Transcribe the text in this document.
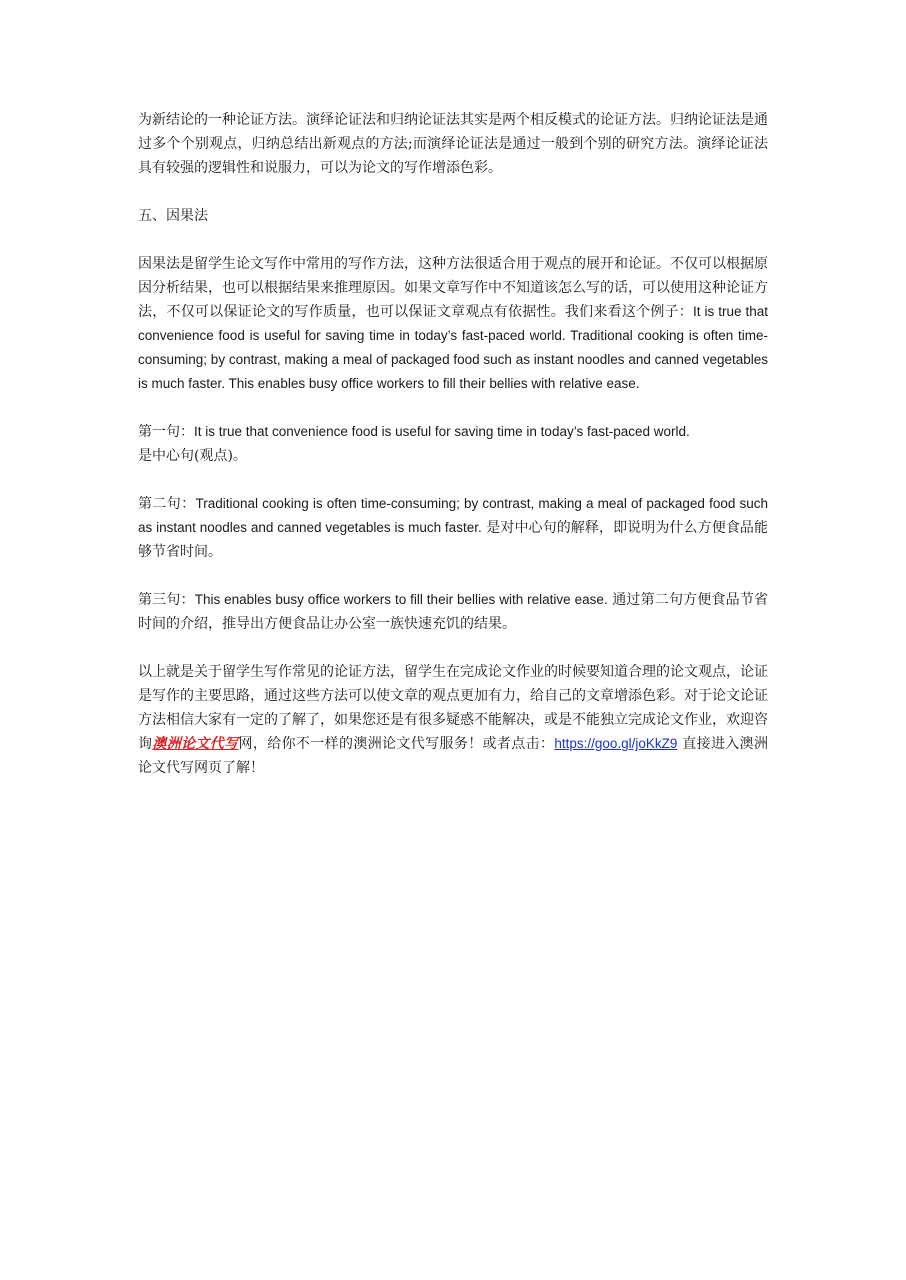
为新结论的一种论证方法。演绎论证法和归纳论证法其实是两个相反模式的论证方法。归纳论证法是通过多个个别观点，归纳总结出新观点的方法;而演绎论证法是通过一般到个别的研究方法。演绎论证法具有较强的逻辑性和说服力，可以为论文的写作增添色彩。

五、因果法

因果法是留学生论文写作中常用的写作方法，这种方法很适合用于观点的展开和论证。不仅可以根据原因分析结果，也可以根据结果来推理原因。如果文章写作中不知道该怎么写的话，可以使用这种论证方法，不仅可以保证论文的写作质量，也可以保证文章观点有依据性。我们来看这个例子：It is true that convenience food is useful for saving time in today’s fast-paced world. Traditional cooking is often time-consuming; by contrast, making a meal of packaged food such as instant noodles and canned vegetables is much faster. This enables busy office workers to fill their bellies with relative ease.

第一句：It is true that convenience food is useful for saving time in today’s fast-paced world.
是中心句(观点)。

第二句：Traditional cooking is often time-consuming; by contrast, making a meal of packaged food such as instant noodles and canned vegetables is much faster. 是对中心句的解释，即说明为什么方便食品能够节省时间。

第三句：This enables busy office workers to fill their bellies with relative ease. 通过第二句方便食品节省时间的介绍，推导出方便食品让办公室一族快速充饥的结果。

以上就是关于留学生写作常见的论证方法，留学生在完成论文作业的时候要知道合理的论文观点，论证是写作的主要思路，通过这些方法可以使文章的观点更加有力，给自己的文章增添色彩。对于论文论证方法相信大家有一定的了解了，如果您还是有很多疑惑不能解决，或是不能独立完成论文作业，欢迎咨询澳洲论文代写网，给你不一样的澳洲论文代写服务！或者点击：https://goo.gl/joKkZ9 直接进入澳洲论文代写网页了解！
